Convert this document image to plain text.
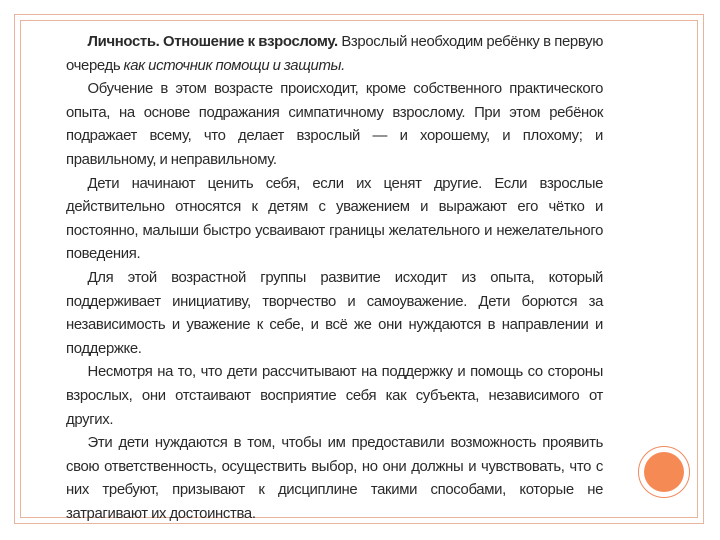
Личность. Отношение к взрослому. Взрослый необходим ребёнку в первую очередь как источник помощи и защиты.

Обучение в этом возрасте происходит, кроме собственного практического опыта, на основе подражания симпатичному взрослому. При этом ребёнок подражает всему, что делает взрослый — и хорошему, и плохому; и правильному, и неправильному.

Дети начинают ценить себя, если их ценят другие. Если взрослые действительно относятся к детям с уважением и выражают его чётко и постоянно, малыши быстро усваивают границы желательного и нежелательного поведения.

Для этой возрастной группы развитие исходит из опыта, который поддерживает инициативу, творчество и самоуважение. Дети борются за независимость и уважение к себе, и всё же они нуждаются в направлении и поддержке.

Несмотря на то, что дети рассчитывают на поддержку и помощь со стороны взрослых, они отстаивают восприятие себя как субъекта, независимого от других.

Эти дети нуждаются в том, чтобы им предоставили возможность проявить свою ответственность, осуществить выбор, но они должны и чувствовать, что с них требуют, призывают к дисциплине такими способами, которые не затрагивают их достоинства.
